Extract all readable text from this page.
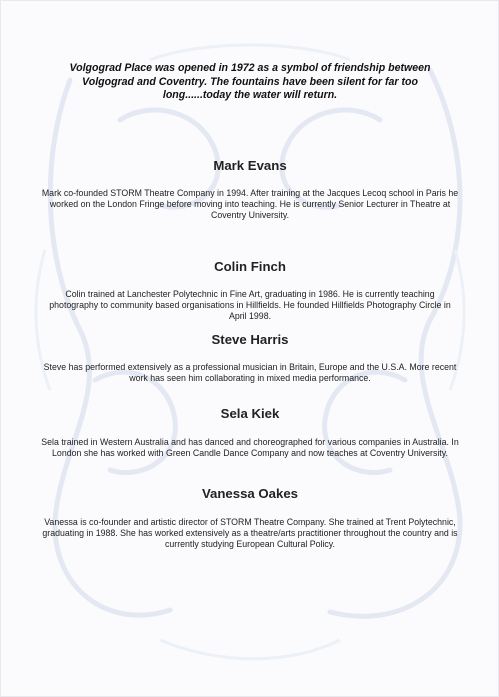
Volgograd Place was opened in 1972 as a symbol of friendship between Volgograd and Coventry. The fountains have been silent for far too long......today the water will return.

Mark Evans

Mark co-founded STORM Theatre Company in 1994. After training at the Jacques Lecoq school in Paris he worked on the London Fringe before moving into teaching. He is currently Senior Lecturer in Theatre at Coventry University.

Colin Finch

Colin trained at Lanchester Polytechnic in Fine Art, graduating in 1986. He is currently teaching photography to community based organisations in Hillfields. He founded Hillfields Photography Circle in April 1998.

Steve Harris

Steve has performed extensively as a professional musician in Britain, Europe and the U.S.A. More recent work has seen him collaborating in mixed media performance.

Sela Kiek

Sela trained in Western Australia and has danced and choreographed for various companies in Australia. In London she has worked with Green Candle Dance Company and now teaches at Coventry University.

Vanessa Oakes

Vanessa is co-founder and artistic director of STORM Theatre Company. She trained at Trent Polytechnic, graduating in 1988. She has worked extensively as a theatre/arts practitioner throughout the country and is currently studying European Cultural Policy.
